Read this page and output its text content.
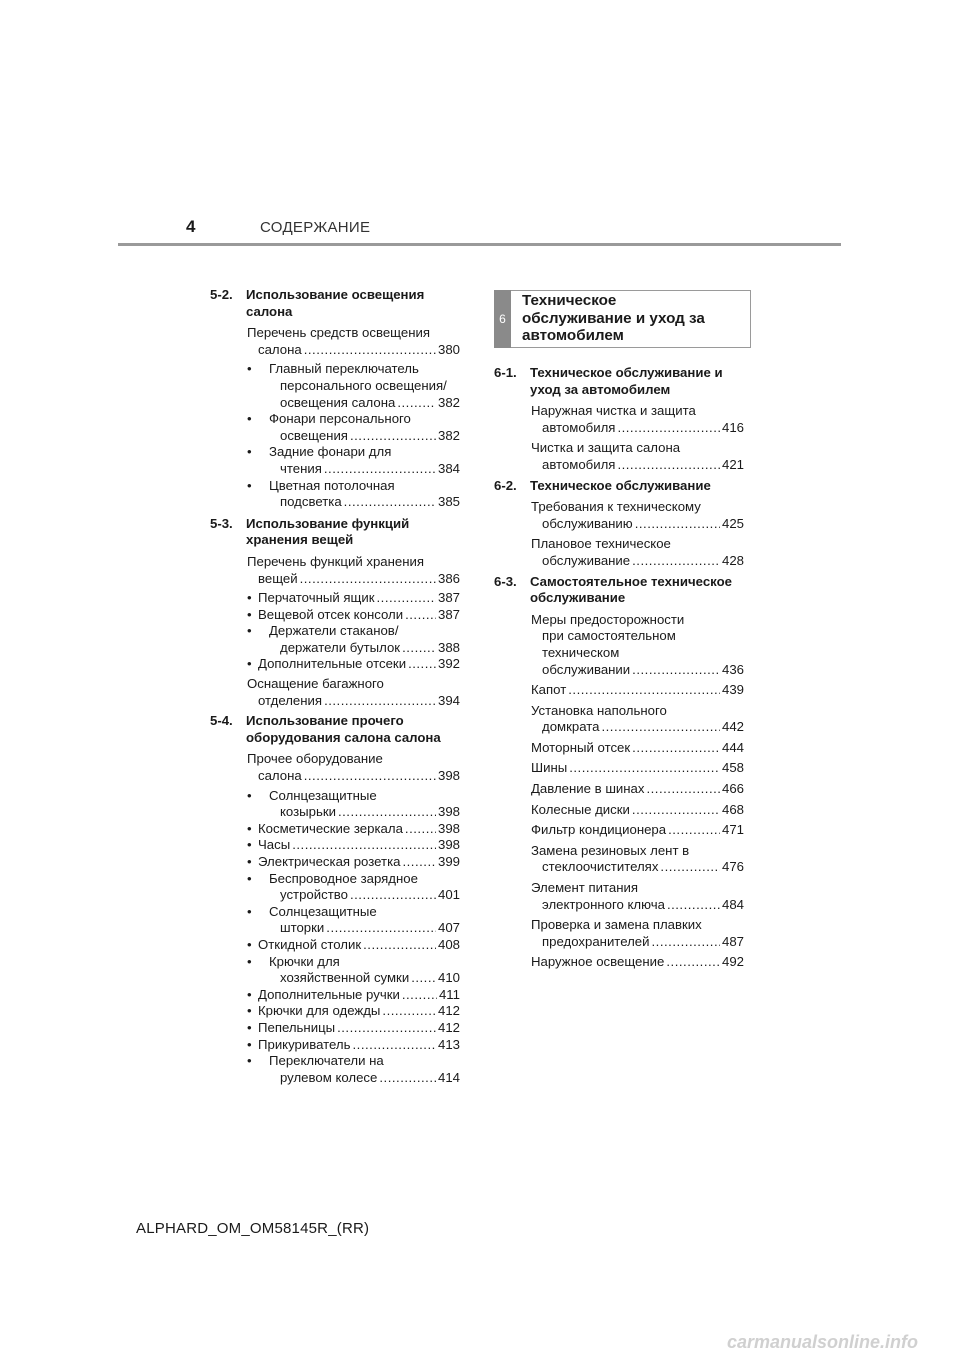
4	СОДЕРЖАНИЕ
5-2. Использование освещения
салона
Перечень средств освещения
салона .....	380
•	Главный переключатель
персонального освещения/
освещения салона .....	382
•	Фонари персонального
освещения .....	382
•	Задние фонари для
чтения .....	384
•	Цветная потолочная
подсветка .....	385
5-3. Использование функций
хранения вещей
Перечень функций хранения
вещей .....	386
• Перчаточный ящик .....	387
• Вещевой отсек консоли .....	387
•	Держатели стаканов/
держатели бутылок .....	388
• Дополнительные отсеки ..... 392
Оснащение багажного
отделения .....	394
5-4. Использование прочего
оборудования салона салона
Прочее оборудование
салона .....	398
•	Солнцезащитные
козырьки .....	398
• Косметические зеркала .....	398
• Часы .....	398
• Электрическая розетка .....	399
•	Беспроводное зарядное
устройство .....	401
•	Солнцезащитные
шторки .....	407
• Откидной столик .....	408
•	Крючки для
хозяйственной сумки ..... 410
• Дополнительные ручки .....	411
• Крючки для одежды .....	412
• Пепельницы .....	412
• Прикуриватель .....	413
•	Переключатели на
рулевом колесе .....	414
6
Техническое
обслуживание и уход за
автомобилем
6-1. Техническое обслуживание и
уход за автомобилем
Наружная чистка и защита
автомобиля .....	416
Чистка и защита салона
автомобиля .....	421
6-2. Техническое обслуживание
Требования к техническому
обслуживанию .....	425
Плановое техническое
обслуживание .....	428
6-3. Самостоятельное техническое
обслуживание
Меры предосторожности
при самостоятельном
техническом
обслуживании .....	436
Капот .....	439
Установка напольного
домкрата .....	442
Моторный отсек .....	444
Шины .....	458
Давление в шинах .....	466
Колесные диски .....	468
Фильтр кондиционера .....	471
Замена резиновых лент в
стеклоочистителях .....	476
Элемент питания
электронного ключа .....	484
Проверка и замена плавких
предохранителей .....	487
Наружное освещение .....	492
ALPHARD_OM_OM58145R_(RR)
carmanualsonline.info
